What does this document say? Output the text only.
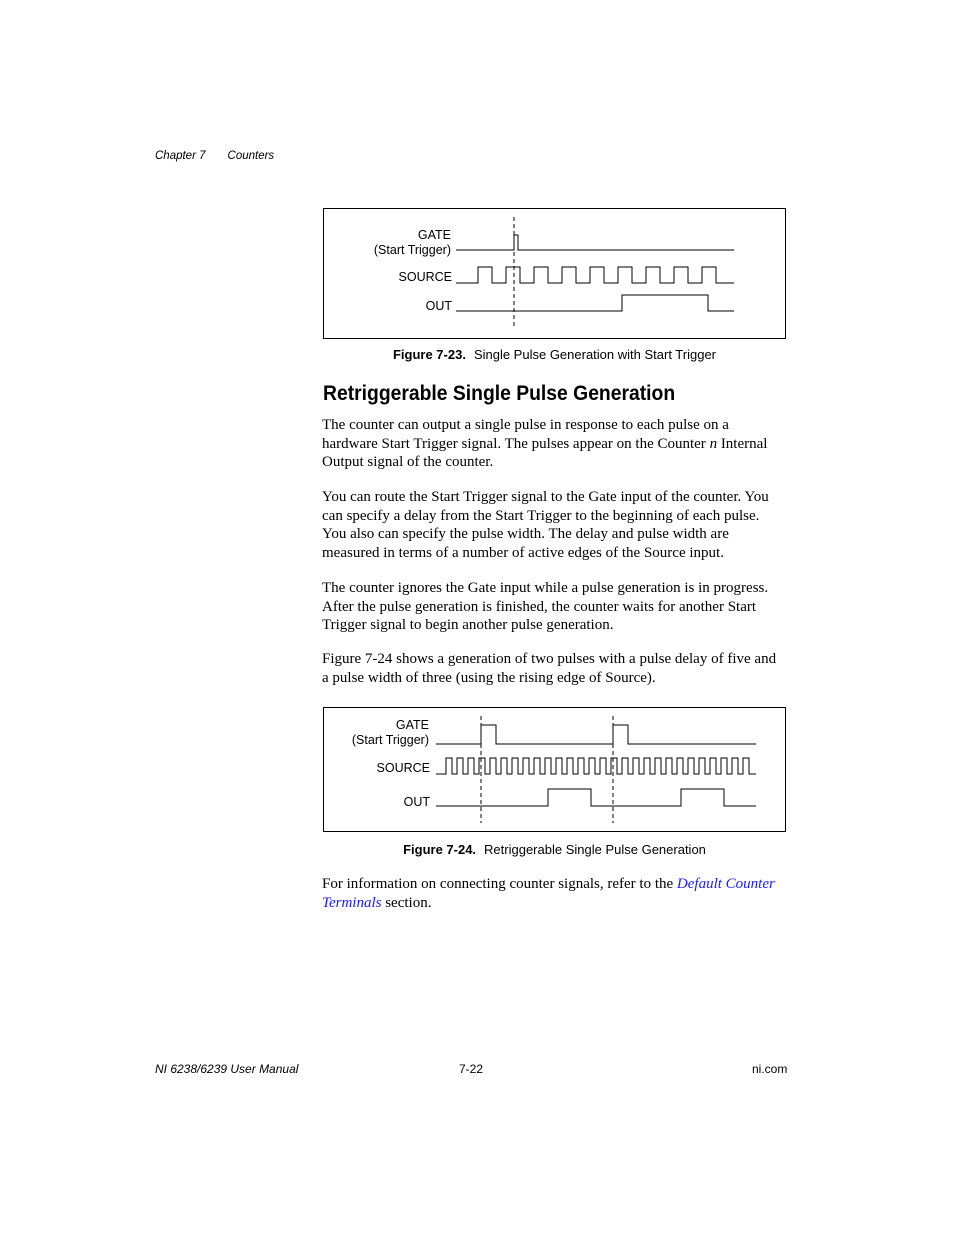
Chapter 7 Counters
GATE
(Start Trigger)
SOURCE
OUT
Figure 7-23. Single Pulse Generation with Start Trigger
Retriggerable Single Pulse Generation

The counter can output a single pulse in response to each pulse on a hardware Start Trigger signal. The pulses appear on the Counter n Internal Output signal of the counter.

You can route the Start Trigger signal to the Gate input of the counter. You can specify a delay from the Start Trigger to the beginning of each pulse. You also can specify the pulse width. The delay and pulse width are measured in terms of a number of active edges of the Source input.

The counter ignores the Gate input while a pulse generation is in progress. After the pulse generation is finished, the counter waits for another Start Trigger signal to begin another pulse generation.

Figure 7-24 shows a generation of two pulses with a pulse delay of five and a pulse width of three (using the rising edge of Source).

GATE
(Start Trigger)
SOURCE
OUT
Figure 7-24. Retriggerable Single Pulse Generation

For information on connecting counter signals, refer to the Default Counter Terminals section.

NI 6238/6239 User Manual	7-22	ni.com
